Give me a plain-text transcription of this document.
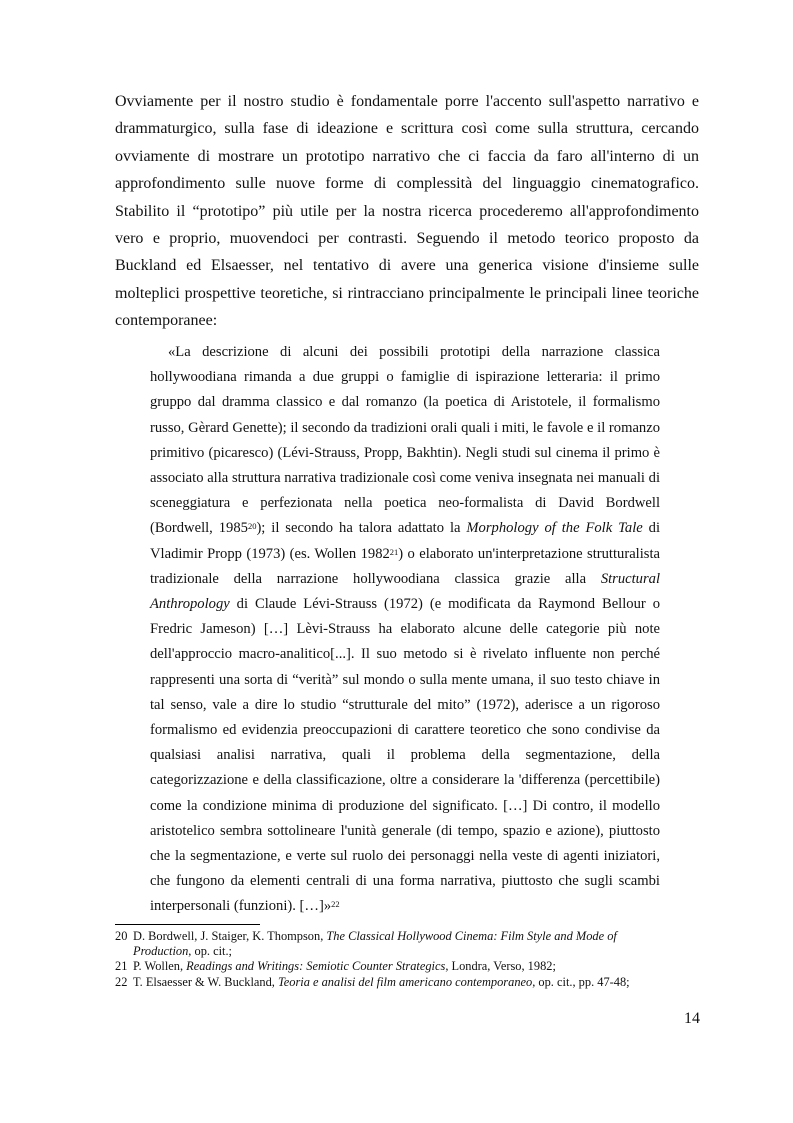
Ovviamente per il nostro studio è fondamentale porre l'accento sull'aspetto narrativo e drammaturgico, sulla fase di ideazione e scrittura così come sulla struttura, cercando ovviamente di mostrare un prototipo narrativo che ci faccia da faro all'interno di un approfondimento sulle nuove forme di complessità del linguaggio cinematografico. Stabilito il “prototipo” più utile per la nostra ricerca procederemo all'approfondimento vero e proprio, muovendoci per contrasti. Seguendo il metodo teorico proposto da Buckland ed Elsaesser, nel tentativo di avere una generica visione d'insieme sulle molteplici prospettive teoretiche, si rintracciano principalmente le principali linee teoriche contemporanee:

«La descrizione di alcuni dei possibili prototipi della narrazione classica hollywoodiana rimanda a due gruppi o famiglie di ispirazione letteraria: il primo gruppo dal dramma classico e dal romanzo (la poetica di Aristotele, il formalismo russo, Gèrard Genette); il secondo da tradizioni orali quali i miti, le favole e il romanzo primitivo (picaresco) (Lévi-Strauss, Propp, Bakhtin). Negli studi sul cinema il primo è associato alla struttura narrativa tradizionale così come veniva insegnata nei manuali di sceneggiatura e perfezionata nella poetica neo-formalista di David Bordwell (Bordwell, 1985$^{20}$); il secondo ha talora adattato la Morphology of the Folk Tale di Vladimir Propp (1973) (es. Wollen 1982$^{21}$) o elaborato un'interpretazione strutturalista tradizionale della narrazione hollywoodiana classica grazie alla Structural Anthropology di Claude Lévi-Strauss (1972) (e modificata da Raymond Bellour o Fredric Jameson) […] Lèvi-Strauss ha elaborato alcune delle categorie più note dell'approccio macro-analitico[...]. Il suo metodo si è rivelato influente non perché rappresenti una sorta di “verità” sul mondo o sulla mente umana, il suo testo chiave in tal senso, vale a dire lo studio “strutturale del mito” (1972), aderisce a un rigoroso formalismo ed evidenzia preoccupazioni di carattere teoretico che sono condivise da qualsiasi analisi narrativa, quali il problema della segmentazione, della categorizzazione e della classificazione, oltre a considerare la 'differenza (percettibile) come la condizione minima di produzione del significato. […] Di contro, il modello aristotelico sembra sottolineare l'unità generale (di tempo, spazio e azione), piuttosto che la segmentazione, e verte sul ruolo dei personaggi nella veste di agenti iniziatori, che fungono da elementi centrali di una forma narrativa, piuttosto che sugli scambi interpersonali (funzioni). […]»$^{22}$

20 D. Bordwell, J. Staiger, K. Thompson, The Classical Hollywood Cinema: Film Style and Mode of Production, op. cit.;
21 P. Wollen, Readings and Writings: Semiotic Counter Strategics, Londra, Verso, 1982;
22 T. Elsaesser & W. Buckland, Teoria e analisi del film americano contemporaneo, op. cit., pp. 47-48;
14
